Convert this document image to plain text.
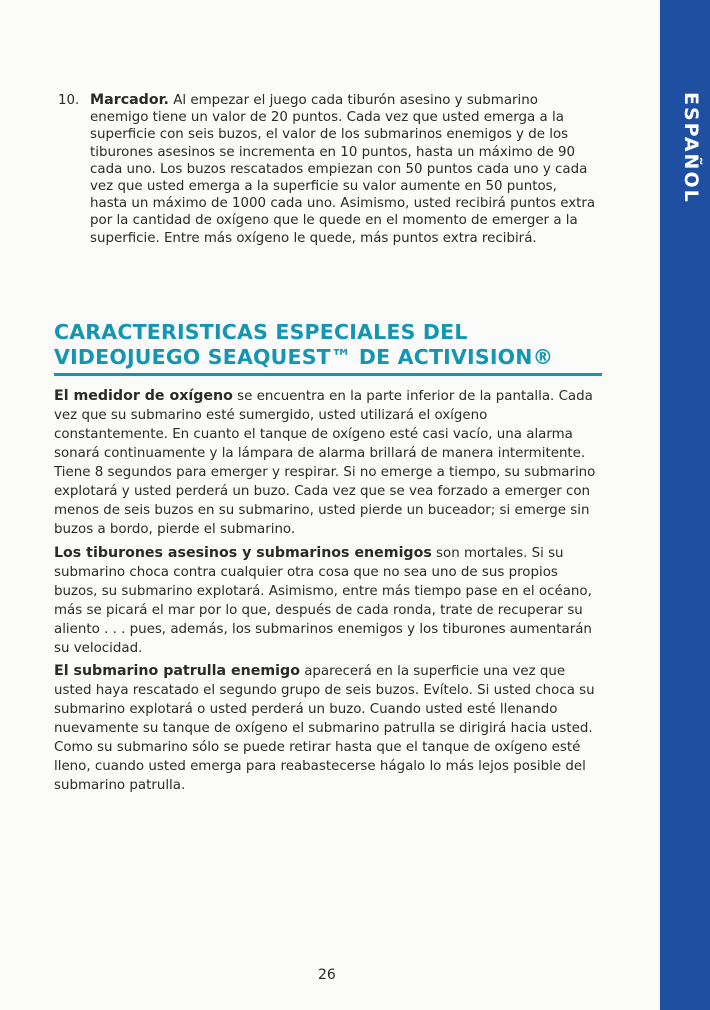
ESPAÑOL
10. Marcador. Al empezar el juego cada tiburón asesino y submarino enemigo tiene un valor de 20 puntos. Cada vez que usted emerga a la superficie con seis buzos, el valor de los submarinos enemigos y de los tiburones asesinos se incrementa en 10 puntos, hasta un máximo de 90 cada uno. Los buzos rescatados empiezan con 50 puntos cada uno y cada vez que usted emerga a la superficie su valor aumente en 50 puntos, hasta un máximo de 1000 cada uno. Asimismo, usted recibirá puntos extra por la cantidad de oxígeno que le quede en el momento de emerger a la superficie. Entre más oxígeno le quede, más puntos extra recibirá.
CARACTERISTICAS ESPECIALES DEL VIDEOJUEGO SEAQUEST™ DE ACTIVISION®

El medidor de oxígeno se encuentra en la parte inferior de la pantalla. Cada vez que su submarino esté sumergido, usted utilizará el oxígeno constantemente. En cuanto el tanque de oxígeno esté casi vacío, una alarma sonará continuamente y la lámpara de alarma brillará de manera intermitente. Tiene 8 segundos para emerger y respirar. Si no emerge a tiempo, su submarino explotará y usted perderá un buzo. Cada vez que se vea forzado a emerger con menos de seis buzos en su submarino, usted pierde un buceador; si emerge sin buzos a bordo, pierde el submarino.

Los tiburones asesinos y submarinos enemigos son mortales. Si su submarino choca contra cualquier otra cosa que no sea uno de sus propios buzos, su submarino explotará. Asimismo, entre más tiempo pase en el océano, más se picará el mar por lo que, después de cada ronda, trate de recuperar su aliento . . . pues, además, los submarinos enemigos y los tiburones aumentarán su velocidad.

El submarino patrulla enemigo aparecerá en la superficie una vez que usted haya rescatado el segundo grupo de seis buzos. Evítelo. Si usted choca su submarino explotará o usted perderá un buzo. Cuando usted esté llenando nuevamente su tanque de oxígeno el submarino patrulla se dirigirá hacia usted. Como su submarino sólo se puede retirar hasta que el tanque de oxígeno esté lleno, cuando usted emerga para reabastecerse hágalo lo más lejos posible del submarino patrulla.

26
